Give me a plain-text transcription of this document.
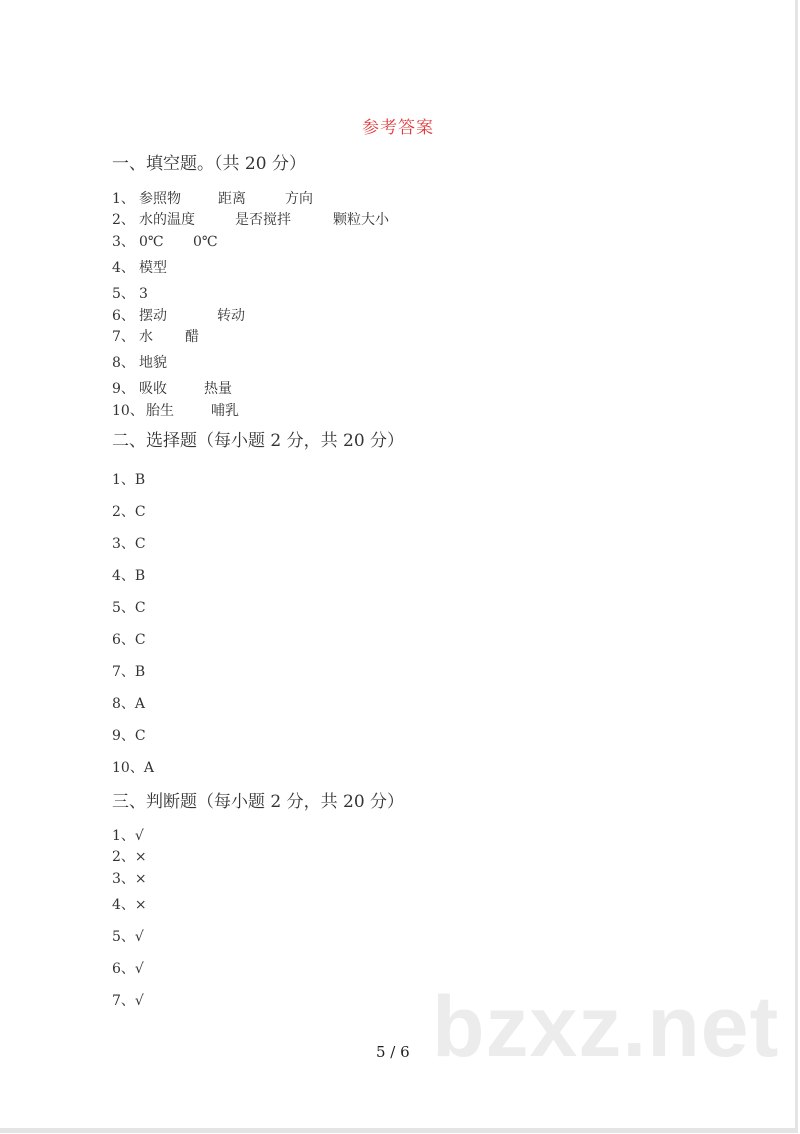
bzxz.net
参考答案
一、填空题。（共 20 分）
1、 参照物	距离	方向
2、 水的温度	是否搅拌	颗粒大小
3、 0℃ 0℃
4、 模型
5、 3
6、 摆动	转动
7、 水 醋
8、 地貌
9、 吸收	热量
10、 胎生	哺乳
二、选择题（每小题 2 分，共 20 分）
1、B
2、C
3、C
4、B
5、C
6、C
7、B
8、A
9、C
10、A
三、判断题（每小题 2 分，共 20 分）
1、√
2、×
3、×
4、×
5、√
6、√
7、√
5 / 6
